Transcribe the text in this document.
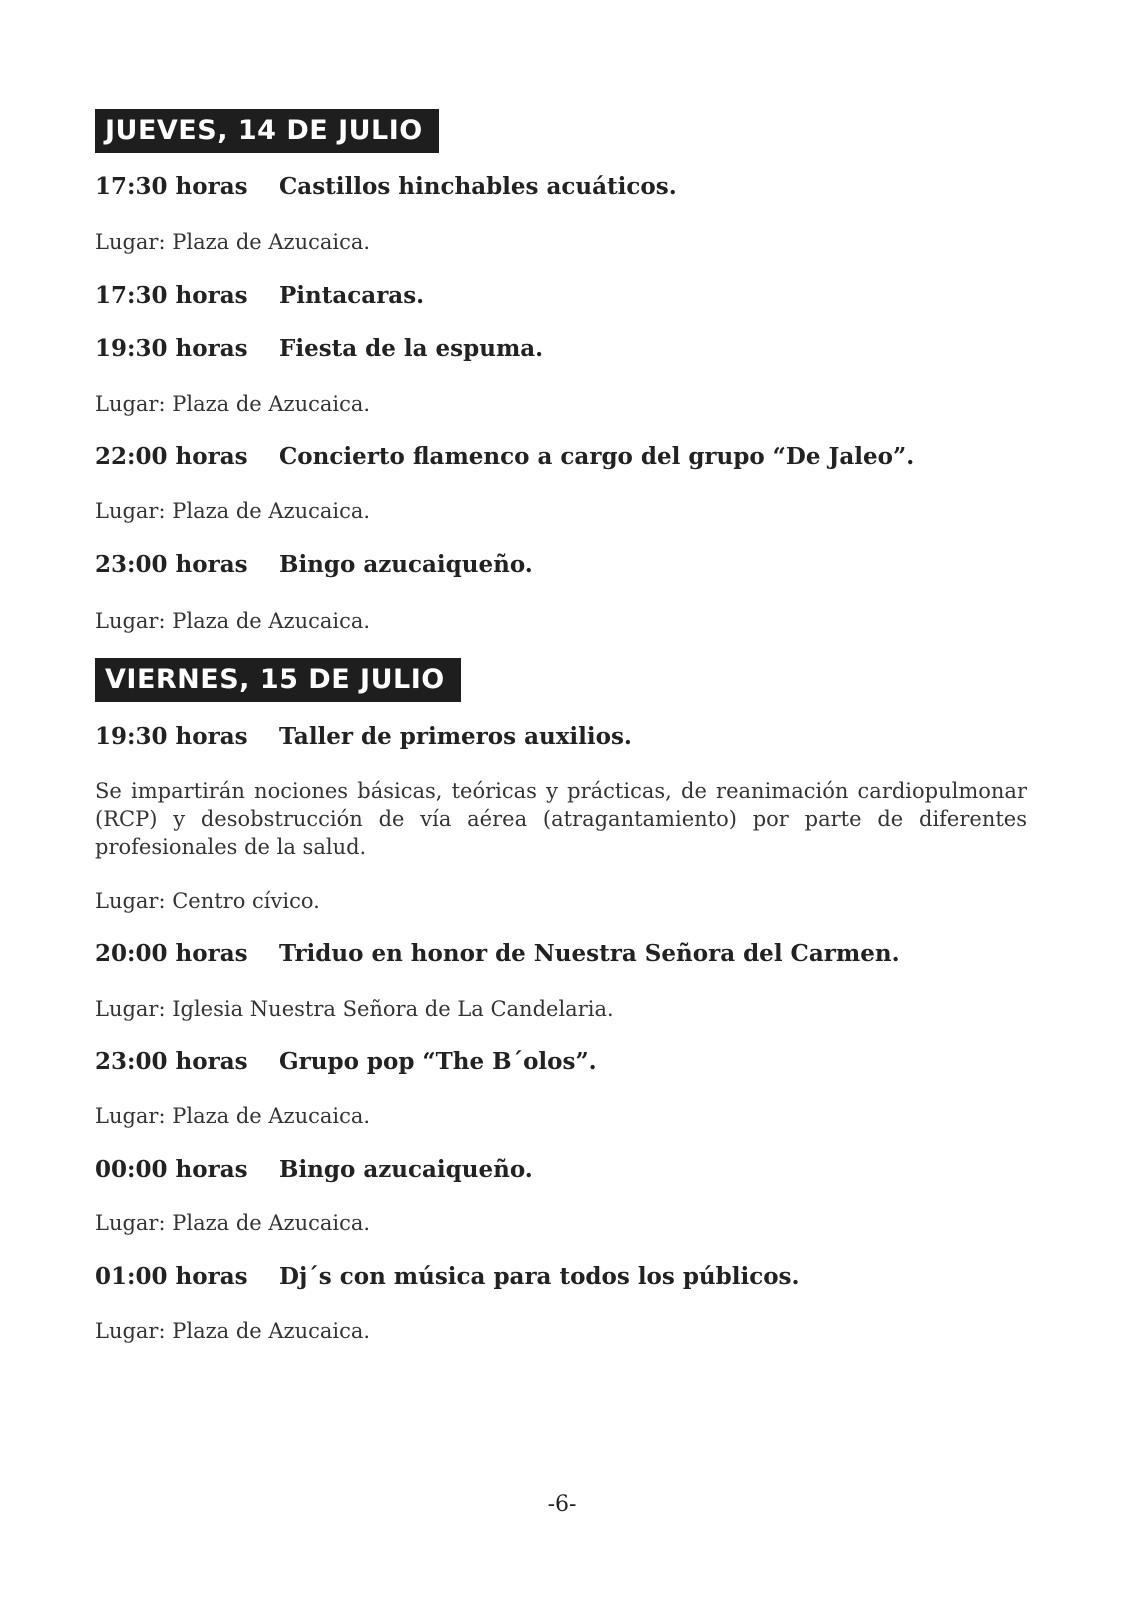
JUEVES, 14 DE JULIO
17:30 horas Castillos hinchables acuáticos.
Lugar: Plaza de Azucaica.
17:30 horas Pintacaras.
19:30 horas Fiesta de la espuma.
Lugar: Plaza de Azucaica.
22:00 horas Concierto flamenco a cargo del grupo “De Jaleo”.
Lugar: Plaza de Azucaica.
23:00 horas Bingo azucaiqueño.
Lugar: Plaza de Azucaica.
VIERNES, 15 DE JULIO
19:30 horas Taller de primeros auxilios.
Se impartirán nociones básicas, teóricas y prácticas, de reanimación cardiopulmonar (RCP) y desobstrucción de vía aérea (atragantamiento) por parte de diferentes profesionales de la salud.
Lugar: Centro cívico.
20:00 horas Triduo en honor de Nuestra Señora del Carmen.
Lugar: Iglesia Nuestra Señora de La Candelaria.
23:00 horas Grupo pop “The B´olos”.
Lugar: Plaza de Azucaica.
00:00 horas Bingo azucaiqueño.
Lugar: Plaza de Azucaica.
01:00 horas Dj´s con música para todos los públicos.
Lugar: Plaza de Azucaica.
-6-
